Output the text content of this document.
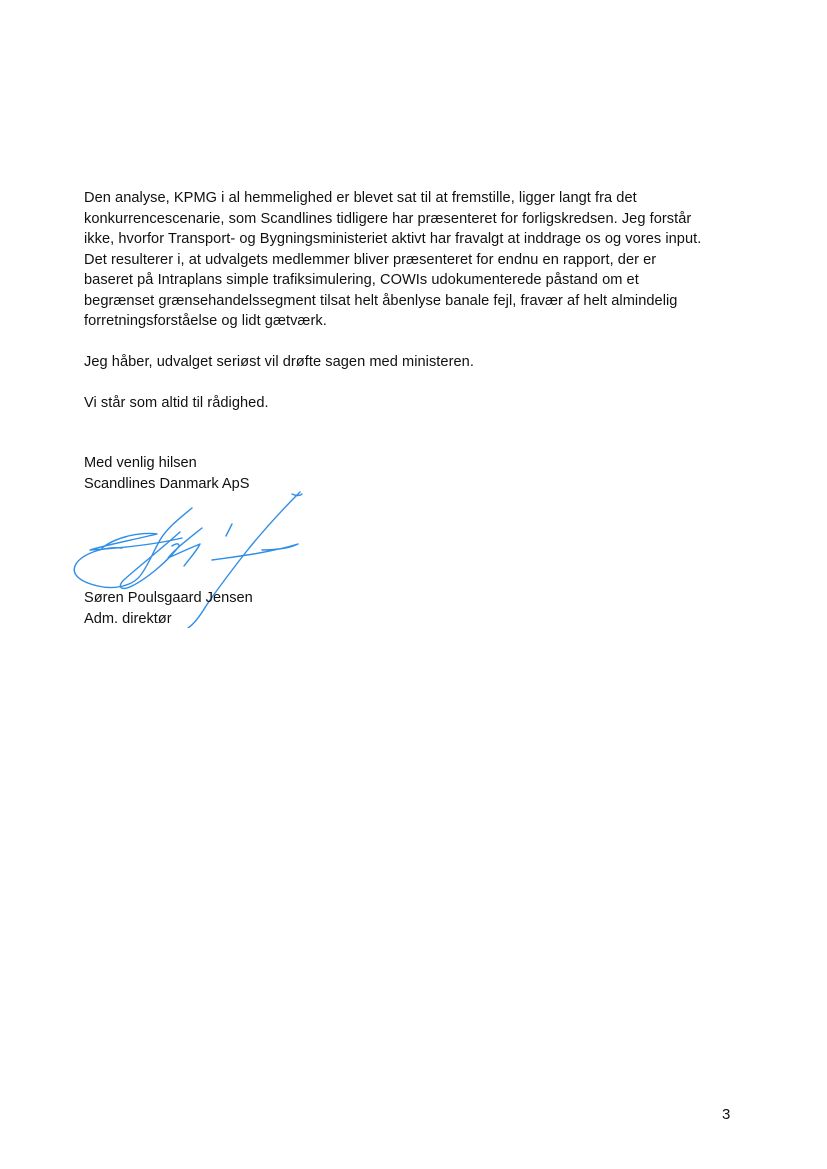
Den analyse, KPMG i al hemmelighed er blevet sat til at fremstille, ligger langt fra det
konkurrencescenarie, som Scandlines tidligere har præsenteret for forligskredsen. Jeg forstår
ikke, hvorfor Transport- og Bygningsministeriet aktivt har fravalgt at inddrage os og vores input.
Det resulterer i, at udvalgets medlemmer bliver præsenteret for endnu en rapport, der er
baseret på Intraplans simple trafiksimulering, COWIs udokumenterede påstand om et
begrænset grænsehandelssegment tilsat helt åbenlyse banale fejl, fravær af helt almindelig
forretningsforståelse og lidt gætværk.

Jeg håber, udvalget seriøst vil drøfte sagen med ministeren.

Vi står som altid til rådighed.

Med venlig hilsen
Scandlines Danmark ApS
Søren Poulsgaard Jensen
Adm. direktør
3
